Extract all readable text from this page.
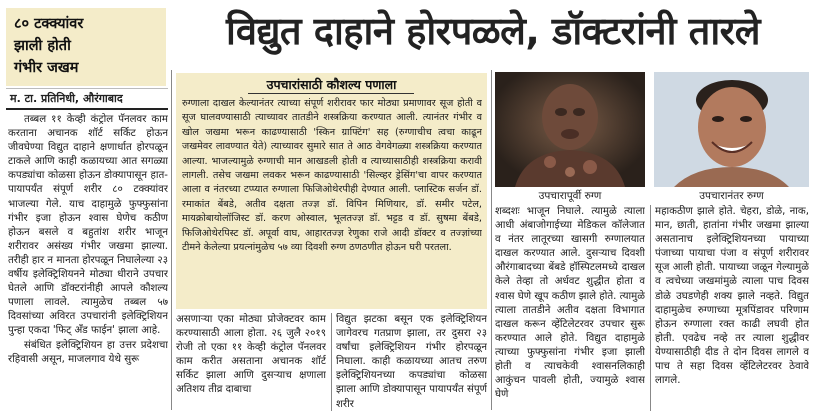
८० टक्क्यांवर
झाली होती
गंभीर जखम
म. टा. प्रतिनिधी, औरंगाबाद
विद्युत दाहाने होरपळले, डॉक्टरांनी तारले

तब्बल ११ केव्ही कंट्रोल पॅनलवर काम करताना अचानक शॉर्ट सर्किट होऊन जीवघेण्या विद्युत दाहाने क्षणार्धात होरपळून टाकले आणि काही कळायच्या आत सगळ्या कपड्यांचा कोळसा होऊन डोक्यापासून हात-पायापर्यंत संपूर्ण शरीर ८० टक्क्यांवर भाजल्या गेले. याच दाहामुळे फुफ्फुसांना गंभीर इजा होऊन श्वास घेणेच कठीण होऊन बसले व बहुतांश शरीर भाजून शरीरावर असंख्य गंभीर जखमा झाल्या. तरीही हार न मानता होरपळून निघालेल्या २३ वर्षीय इलेक्ट्रिशियनने मोठ्या धीराने उपचार घेतले आणि डॉक्टरांनीही आपले कौशल्य पणाला लावले. त्यामुळेच तब्बल ५७ दिवसांच्या अविरत उपचारांनी इलेक्ट्रिशियन पुन्हा एकदा 'फिट् अँड फाईन' झाला आहे.

संबंधित इलेक्ट्रिशियन हा उत्तर प्रदेशचा रहिवासी असून, माजलगाव येथे सुरू

उपचारांसाठी कौशल्य पणाला
रुग्णाला दाखल केल्यानंतर त्याच्या संपूर्ण शरीरावर फार मोठ्या प्रमाणावर सूज होती व सूज घालवण्यासाठी त्याच्यावर तातडीने शस्त्रक्रिया करण्यात आली. त्यानंतर गंभीर व खोल जखमा भरून काढण्यासाठी 'स्किन ग्राफ्टिंग' सह (रुग्णाचीच त्वचा काढून जखमेवर लावण्यात येते) त्याच्यावर सुमारे सात ते आठ वेगवेगळ्या शस्त्रक्रिया करण्यात आल्या. भाजल्यामुळे रुग्णाची मान आखडली होती व त्याच्यासाठीही शस्त्रक्रिया करावी लागली. तसेच जखमा लवकर भरून काढण्यासाठी 'सिल्व्हर ड्रेसिंग'चा वापर करण्यात आला व नंतरच्या टप्प्यात रुग्णाला फिजिओथेरपीही देण्यात आली. प्लास्टिक सर्जन डॉ. रमाकांत बेंबडे, अतीव दक्षता तज्ज्ञ डॉ. विपिन मिणियार, डॉ. समीर पटेल, मायक्रोबायोलॉजिस्ट डॉ. करण ओस्वाल, भूलतज्ज्ञ डॉ. भट्टड व डॉ. सुषमा बेंबडे, फिजिओथेरपिस्ट डॉ. अपूर्वा वाघ, आहारतज्ज्ञ रेणुका राजे आदी डॉक्टर व तज्ज्ञांच्या टीमने केलेल्या प्रयत्नांमुळेच ५७ व्या दिवशी रुग्ण ठणठणीत होऊन घरी परतला.

असणाऱ्या एका मोठ्या प्रोजेक्टवर काम करण्यासाठी आला होता. २६ जुलै २०१९ रोजी तो एका ११ केव्ही कंट्रोल पॅनलवर काम करीत असताना अचानक शॉर्ट सर्किट झाला आणि दुसऱ्याच क्षणाला अतिशय तीव्र दाबाचा

विद्युत झटका बसून एक इलेक्ट्रिशियन जागेवरच गतप्राण झाला, तर दुसरा २३ वर्षांचा इलेक्ट्रिशियन गंभीर होरपळून निघाला. काही कळायच्या आतच तरुण इलेक्ट्रिशियनच्या कपड्यांचा कोळसा झाला आणि डोक्यापासून पायापर्यंत संपूर्ण शरीर

उपचारापूर्वी रुग्ण	उपचारानंतर रुग्ण

शब्दशः भाजून निघाले. त्यामुळे त्याला आधी अंबाजोगाईच्या मेडिकल कॉलेजात व नंतर लातूरच्या खासगी रुग्णालयात दाखल करण्यात आले. दुसऱ्याच दिवशी औरंगाबादच्या बेंबडे हॉस्पिटलमध्ये दाखल केले तेव्हा तो अर्धवट शुद्धीत होता व श्वास घेणे खूप कठीण झाले होते. त्यामुळे त्याला तातडीने अतीव दक्षता विभागात दाखल करून व्हेंटिलेटरवर उपचार सुरू करण्यात आले होते. विद्युत दाहामुळे त्याच्या फुफ्फुसांना गंभीर इजा झाली होती व त्याचकेवी श्वासनलिकाही आकुंचन पावली होती, ज्यामुळे श्वास घेणे

महाकठीण झाले होते. चेहरा, डोळे, नाक, मान, छाती, हातांना गंभीर जखमा झाल्या असतानाच इलेक्ट्रिशियनच्या पायाच्या पंजाच्या पायाचा पंजा व संपूर्ण शरीरावर सूज आली होती. पायाच्या जळून गेल्यामुळे व त्वचेच्या जखमांमुळे त्याला पाच दिवस डोळे उघडणेही शक्य झाले नव्हते. विद्युत दाहामुळेच रुग्णाच्या मूत्रपिंडावर परिणाम होऊन रुग्णाला रक्त काढी लघवी होत होती. एवढेच नव्हे तर त्याला शुद्धीवर येण्यासाठीही दीड ते दोन दिवस लागले व पाच ते सहा दिवस व्हेंटिलेटरवर ठेवावे लागले.
